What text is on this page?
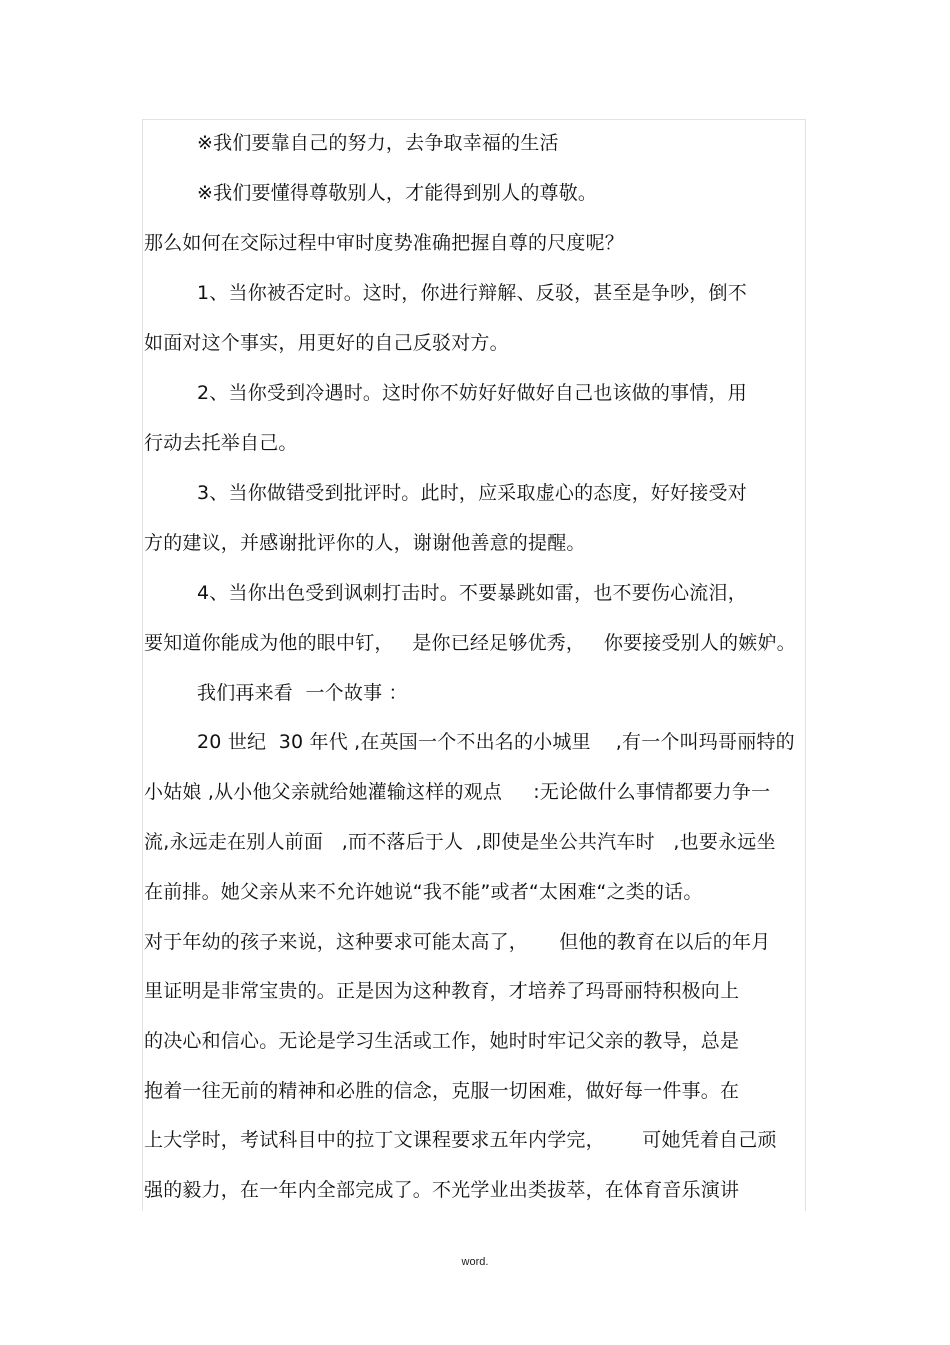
※我们要靠自己的努力，去争取幸福的生活
※我们要懂得尊敬别人，才能得到别人的尊敬。
那么如何在交际过程中审时度势准确把握自尊的尺度呢？
1、当你被否定时。这时，你进行辩解、反驳，甚至是争吵，倒不
如面对这个事实，用更好的自己反驳对方。
2、当你受到冷遇时。这时你不妨好好做好自己也该做的事情，用
行动去托举自己。
3、当你做错受到批评时。此时，应采取虚心的态度，好好接受对
方的建议，并感谢批评你的人，谢谢他善意的提醒。
4、当你出色受到讽刺打击时。不要暴跳如雷，也不要伤心流泪，
要知道你能成为他的眼中钉，   是你已经足够优秀，   你要接受别人的嫉妒。
我们再来看  一个故事 ：
20 世纪  30 年代 ,在英国一个不出名的小城里    ,有一个叫玛哥丽特的
小姑娘 ,从小他父亲就给她灌输这样的观点     :无论做什么事情都要力争一
流,永远走在别人前面   ,而不落后于人  ,即使是坐公共汽车时   ,也要永远坐
在前排。她父亲从来不允许她说“我不能”或者“太困难“之类的话。
对于年幼的孩子来说，这种要求可能太高了，     但他的教育在以后的年月
里证明是非常宝贵的。正是因为这种教育，才培养了玛哥丽特积极向上
的决心和信心。无论是学习生活或工作，她时时牢记父亲的教导，总是
抱着一往无前的精神和必胜的信念，克服一切困难，做好每一件事。在
上大学时，考试科目中的拉丁文课程要求五年内学完，      可她凭着自己顽
强的毅力，在一年内全部完成了。不光学业出类拔萃，在体育音乐演讲
word.
